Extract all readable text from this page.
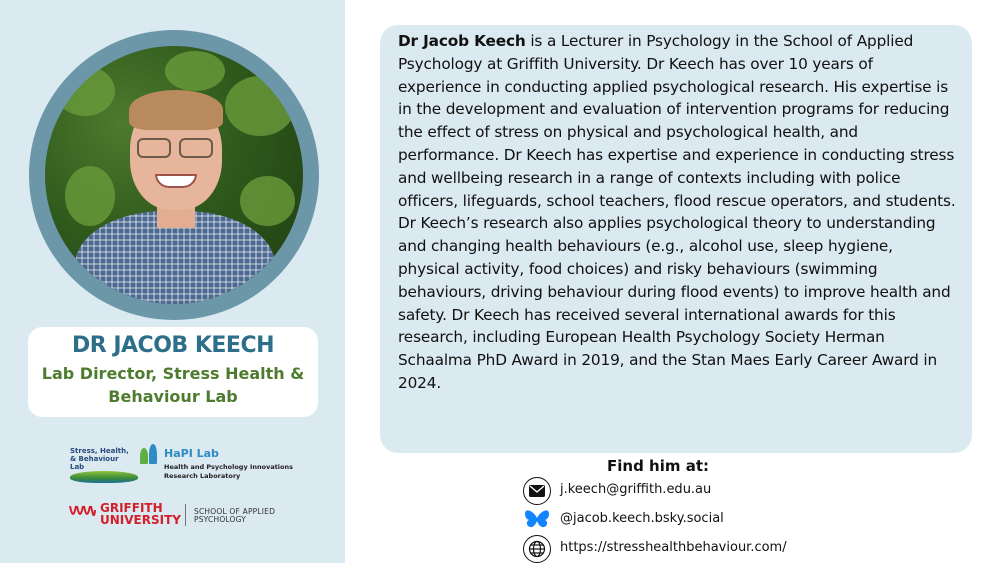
DR JACOB KEECH
Lab Director, Stress Health & Behaviour Lab
Stress, Health, & Behaviour Lab
HaPI Lab
Health and Psychology Innovations Research Laboratory
GRIFFITH UNIVERSITY
SCHOOL OF APPLIED PSYCHOLOGY

Dr Jacob Keech is a Lecturer in Psychology in the School of Applied Psychology at Griffith University. Dr Keech has over 10 years of experience in conducting applied psychological research. His expertise is in the development and evaluation of intervention programs for reducing the effect of stress on physical and psychological health, and performance. Dr Keech has expertise and experience in conducting stress and wellbeing research in a range of contexts including with police officers, lifeguards, school teachers, flood rescue operators, and students. Dr Keech’s research also applies psychological theory to understanding and changing health behaviours (e.g., alcohol use, sleep hygiene, physical activity, food choices) and risky behaviours (swimming behaviours, driving behaviour during flood events) to improve health and safety. Dr Keech has received several international awards for this research, including European Health Psychology Society Herman Schaalma PhD Award in 2019, and the Stan Maes Early Career Award in 2024.

Find him at:
j.keech@griffith.edu.au
@jacob.keech.bsky.social
https://stresshealthbehaviour.com/
